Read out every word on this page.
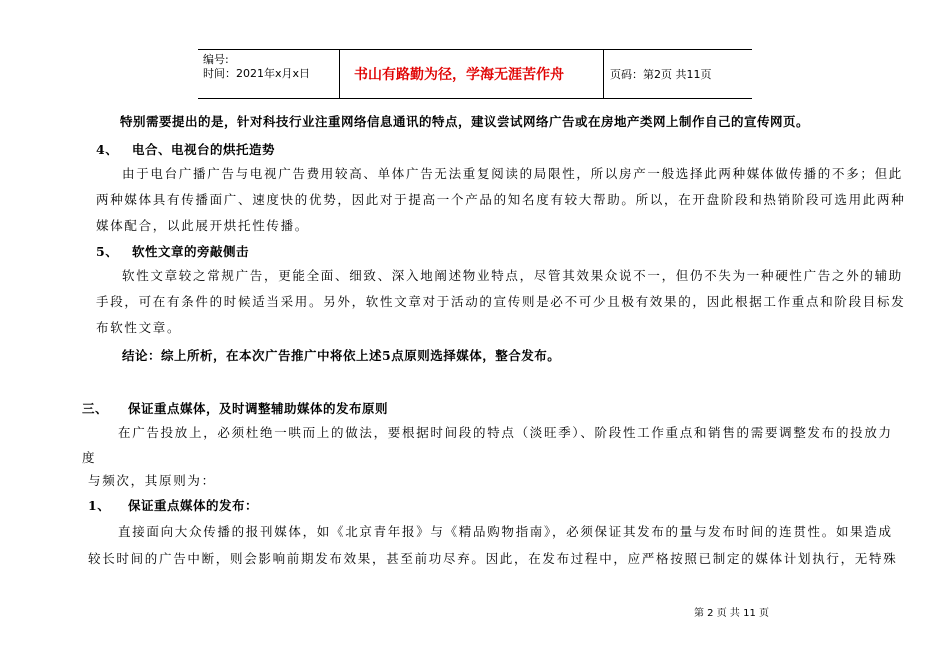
编号:
时间：2021年x月x日	书山有路勤为径，学海无涯苦作舟	页码：第2页 共11页
特别需要提出的是，针对科技行业注重网络信息通讯的特点，建议尝试网络广告或在房地产类网上制作自己的宣传网页。
4、 电合、电视台的烘托造势
由于电台广播广告与电视广告费用较高、单体广告无法重复阅读的局限性，所以房产一般选择此两种媒体做传播的不多；但此
两种媒体具有传播面广、速度快的优势，因此对于提高一个产品的知名度有较大帮助。所以，在开盘阶段和热销阶段可选用此两种
媒体配合，以此展开烘托性传播。
5、 软性文章的旁敲侧击
软性文章较之常规广告，更能全面、细致、深入地阐述物业特点，尽管其效果众说不一，但仍不失为一种硬性广告之外的辅助
手段，可在有条件的时候适当采用。另外，软性文章对于活动的宣传则是必不可少且极有效果的，因此根据工作重点和阶段目标发
布软性文章。
结论：综上所析，在本次广告推广中将依上述5点原则选择媒体，整合发布。
三、 保证重点媒体，及时调整辅助媒体的发布原则
在广告投放上，必须杜绝一哄而上的做法，要根据时间段的特点（淡旺季）、阶段性工作重点和销售的需要调整发布的投放力
度
与频次，其原则为：
1、 保证重点媒体的发布：
直接面向大众传播的报刊媒体，如《北京青年报》与《精品购物指南》，必须保证其发布的量与发布时间的连贯性。如果造成
较长时间的广告中断，则会影响前期发布效果，甚至前功尽弃。因此，在发布过程中，应严格按照已制定的媒体计划执行，无特殊
第 2 页 共 11 页
